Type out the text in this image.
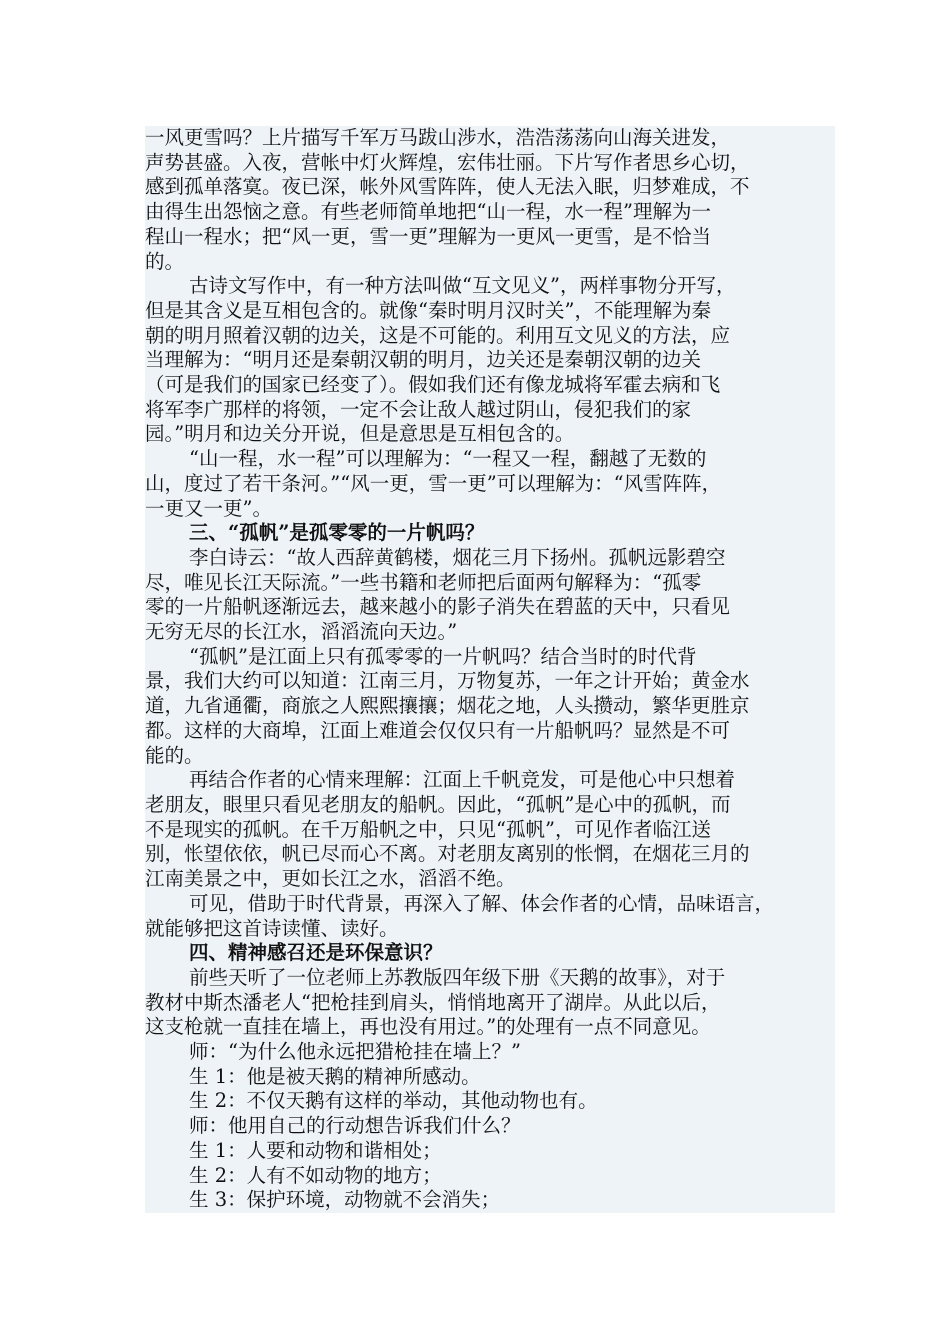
一风更雪吗？上片描写千军万马跋山涉水，浩浩荡荡向山海关进发，
声势甚盛。入夜，营帐中灯火辉煌，宏伟壮丽。下片写作者思乡心切，
感到孤单落寞。夜已深，帐外风雪阵阵，使人无法入眠，归梦难成，不
由得生出怨恼之意。有些老师简单地把“山一程，水一程”理解为一
程山一程水；把“风一更，雪一更”理解为一更风一更雪，是不恰当
的。
古诗文写作中，有一种方法叫做“互文见义”，两样事物分开写，
但是其含义是互相包含的。就像“秦时明月汉时关”，不能理解为秦
朝的明月照着汉朝的边关，这是不可能的。利用互文见义的方法，应
当理解为：“明月还是秦朝汉朝的明月，边关还是秦朝汉朝的边关
（可是我们的国家已经变了）。假如我们还有像龙城将军霍去病和飞
将军李广那样的将领，一定不会让敌人越过阴山，侵犯我们的家
园。”明月和边关分开说，但是意思是互相包含的。
“山一程，水一程”可以理解为：“一程又一程，翻越了无数的
山，度过了若干条河。”“风一更，雪一更”可以理解为：“风雪阵阵，
一更又一更”。
三、“孤帆”是孤零零的一片帆吗？
李白诗云：“故人西辞黄鹤楼，烟花三月下扬州。孤帆远影碧空
尽，唯见长江天际流。”一些书籍和老师把后面两句解释为：“孤零
零的一片船帆逐渐远去，越来越小的影子消失在碧蓝的天中，只看见
无穷无尽的长江水，滔滔流向天边。”
“孤帆”是江面上只有孤零零的一片帆吗？结合当时的时代背
景，我们大约可以知道：江南三月，万物复苏，一年之计开始；黄金水
道，九省通衢，商旅之人熙熙攘攘；烟花之地，人头攒动，繁华更胜京
都。这样的大商埠，江面上难道会仅仅只有一片船帆吗？显然是不可
能的。
再结合作者的心情来理解：江面上千帆竞发，可是他心中只想着
老朋友，眼里只看见老朋友的船帆。因此，“孤帆”是心中的孤帆，而
不是现实的孤帆。在千万船帆之中，只见“孤帆”，可见作者临江送
别，怅望依依，帆已尽而心不离。对老朋友离别的怅惘，在烟花三月的
江南美景之中，更如长江之水，滔滔不绝。
可见，借助于时代背景，再深入了解、体会作者的心情，品味语言，
就能够把这首诗读懂、读好。
四、精神感召还是环保意识？
前些天听了一位老师上苏教版四年级下册《天鹅的故事》，对于
教材中斯杰潘老人“把枪挂到肩头，悄悄地离开了湖岸。从此以后，
这支枪就一直挂在墙上，再也没有用过。”的处理有一点不同意见。
师：“为什么他永远把猎枪挂在墙上？”
生 1：他是被天鹅的精神所感动。
生 2：不仅天鹅有这样的举动，其他动物也有。
师：他用自己的行动想告诉我们什么？
生 1：人要和动物和谐相处；
生 2：人有不如动物的地方；
生 3：保护环境，动物就不会消失；
